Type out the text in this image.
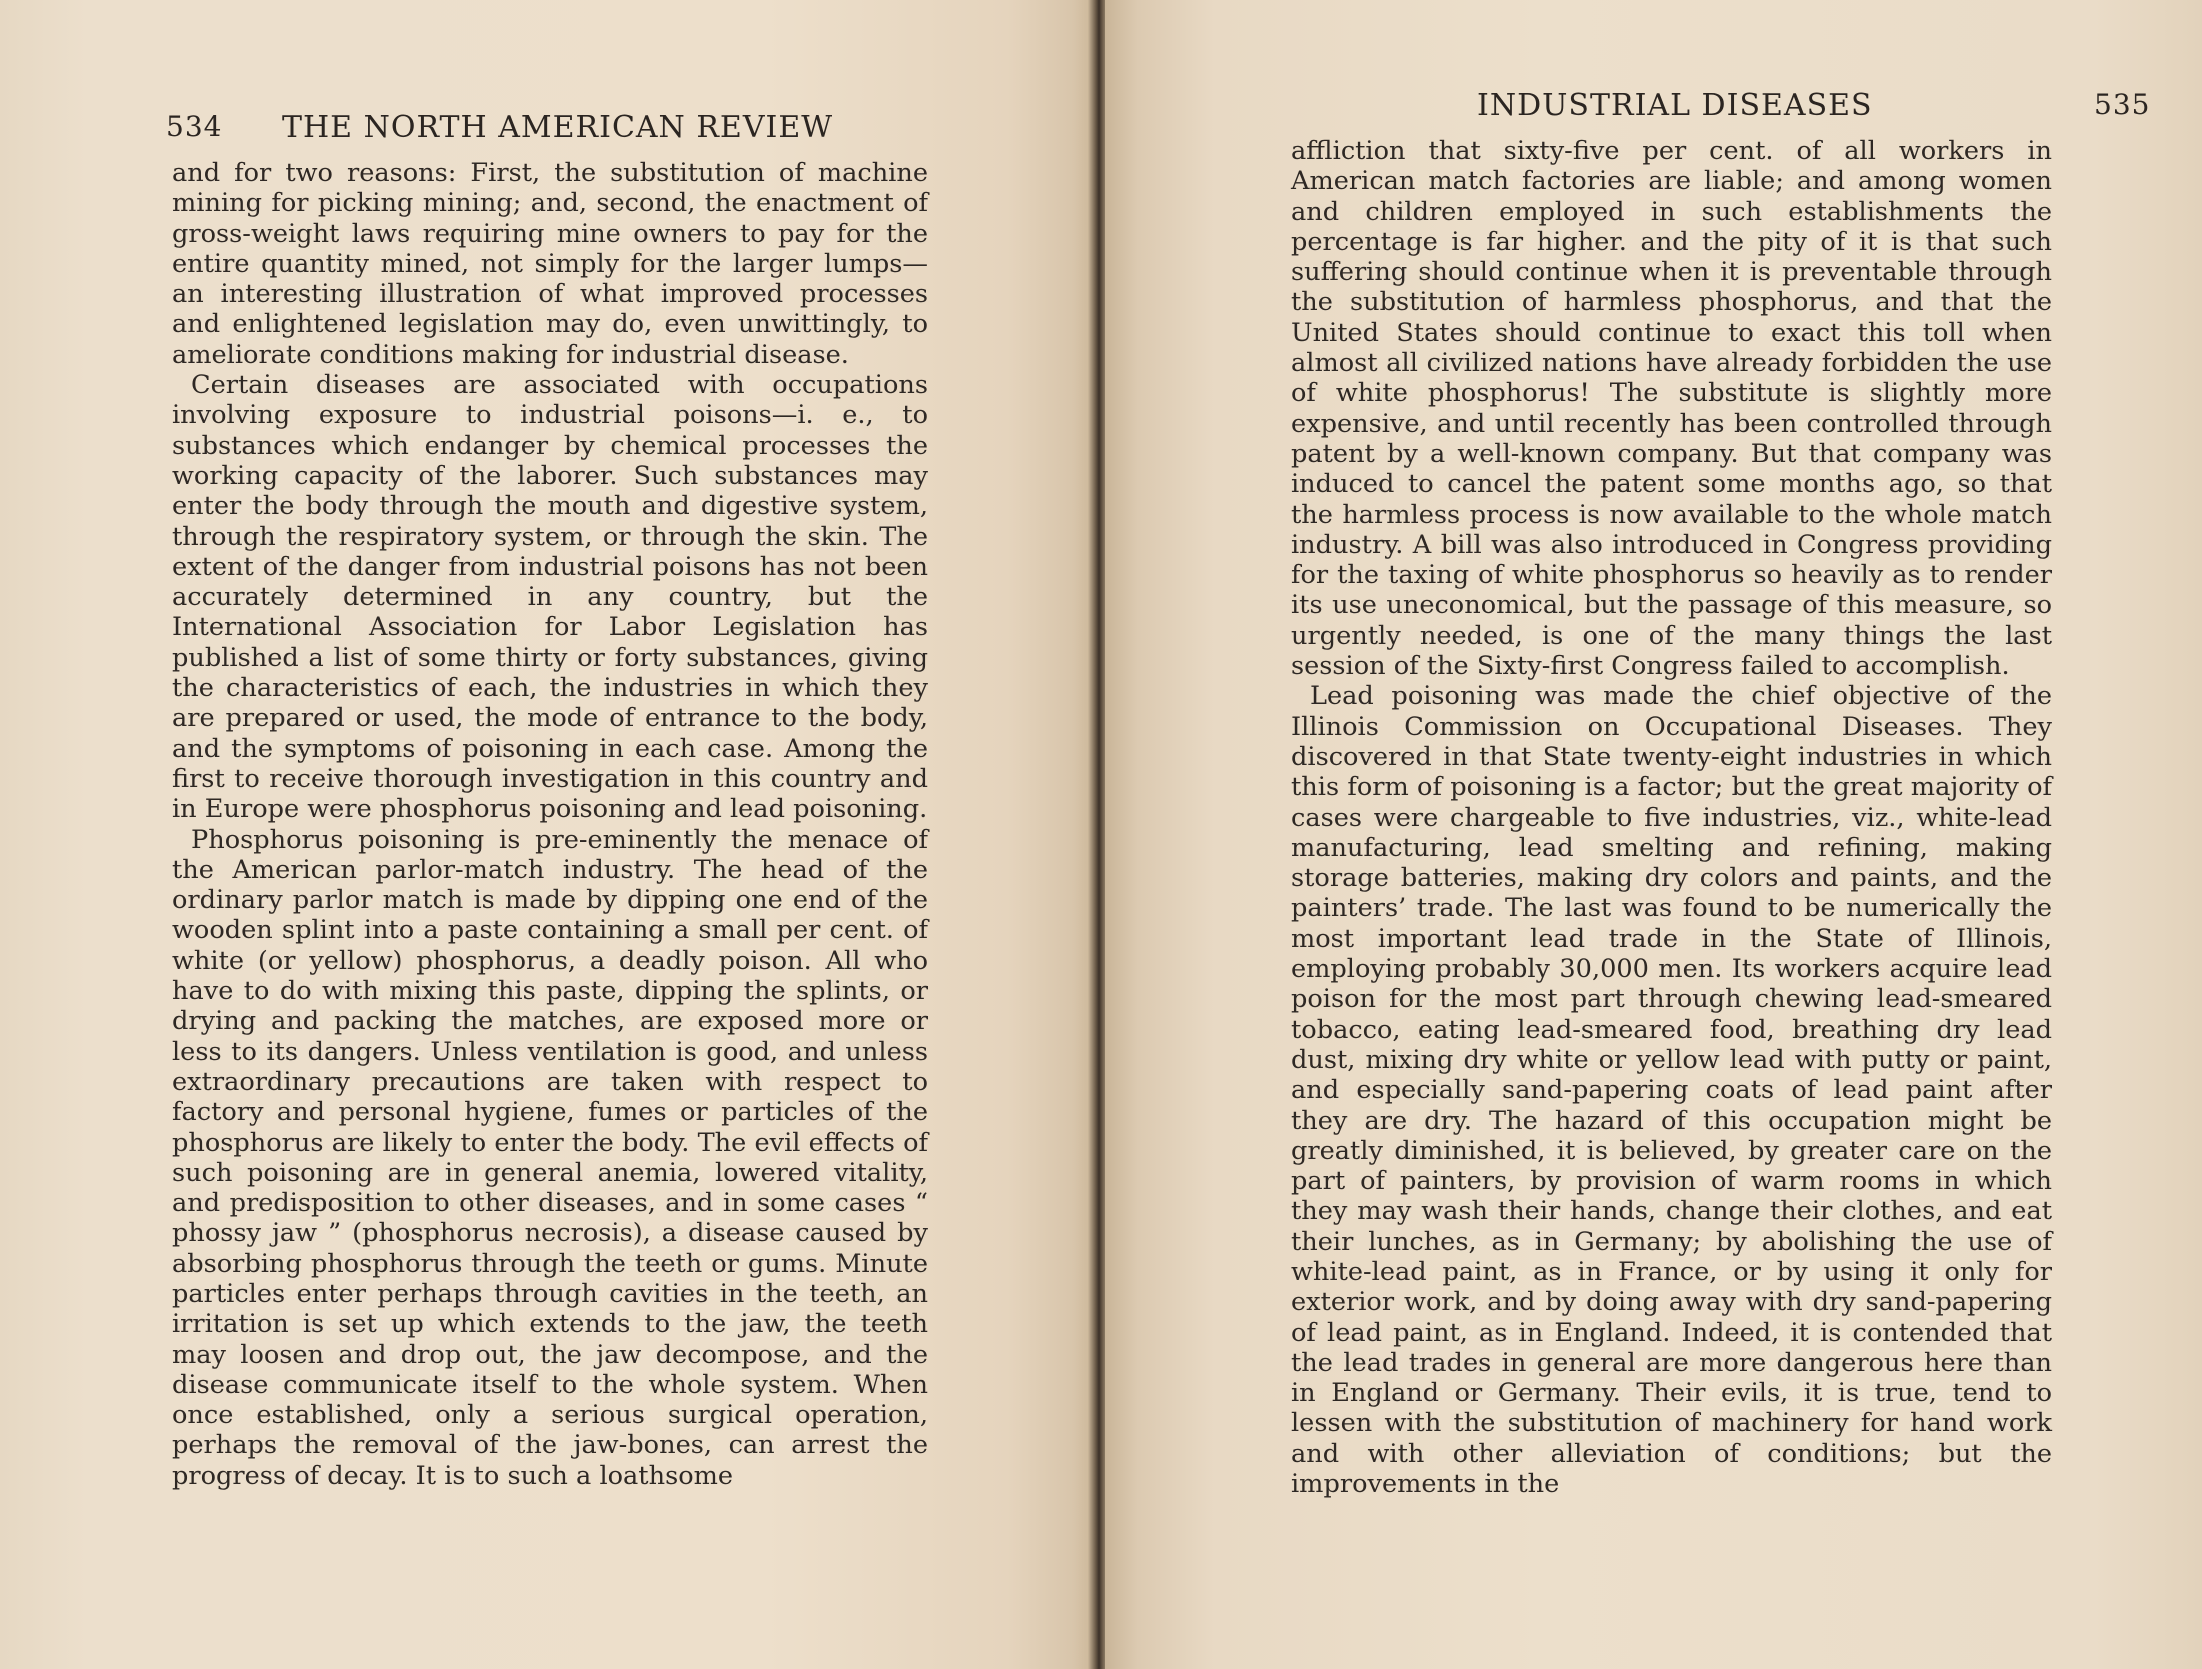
534 THE NORTH AMERICAN REVIEW

and for two reasons: First, the substitution of machine mining for picking mining; and, second, the enactment of gross-weight laws requiring mine owners to pay for the entire quantity mined, not simply for the larger lumps—an interesting illustration of what improved processes and enlightened legislation may do, even unwittingly, to ameliorate conditions making for industrial disease.

Certain diseases are associated with occupations involving exposure to industrial poisons—i. e., to substances which endanger by chemical processes the working capacity of the laborer. Such substances may enter the body through the mouth and digestive system, through the respiratory system, or through the skin. The extent of the danger from industrial poisons has not been accurately determined in any country, but the International Association for Labor Legislation has published a list of some thirty or forty substances, giving the characteristics of each, the industries in which they are prepared or used, the mode of entrance to the body, and the symptoms of poisoning in each case. Among the first to receive thorough investigation in this country and in Europe were phosphorus poisoning and lead poisoning.

Phosphorus poisoning is pre-eminently the menace of the American parlor-match industry. The head of the ordinary parlor match is made by dipping one end of the wooden splint into a paste containing a small per cent. of white (or yellow) phosphorus, a deadly poison. All who have to do with mixing this paste, dipping the splints, or drying and packing the matches, are exposed more or less to its dangers. Unless ventilation is good, and unless extraordinary precautions are taken with respect to factory and personal hygiene, fumes or particles of the phosphorus are likely to enter the body. The evil effects of such poisoning are in general anemia, lowered vitality, and predisposition to other diseases, and in some cases “ phossy jaw ” (phosphorus necrosis), a disease caused by absorbing phosphorus through the teeth or gums. Minute particles enter perhaps through cavities in the teeth, an irritation is set up which extends to the jaw, the teeth may loosen and drop out, the jaw decompose, and the disease communicate itself to the whole system. When once established, only a serious surgical operation, perhaps the removal of the jaw-bones, can arrest the progress of decay. It is to such a loathsome

INDUSTRIAL DISEASES	535

affliction that sixty-five per cent. of all workers in American match factories are liable; and among women and children employed in such establishments the percentage is far higher. and the pity of it is that such suffering should continue when it is preventable through the substitution of harmless phosphorus, and that the United States should continue to exact this toll when almost all civilized nations have already forbidden the use of white phosphorus! The substitute is slightly more expensive, and until recently has been controlled through patent by a well-known company. But that company was induced to cancel the patent some months ago, so that the harmless process is now available to the whole match industry. A bill was also introduced in Congress providing for the taxing of white phosphorus so heavily as to render its use uneconomical, but the passage of this measure, so urgently needed, is one of the many things the last session of the Sixty-first Congress failed to accomplish.

Lead poisoning was made the chief objective of the Illinois Commission on Occupational Diseases. They discovered in that State twenty-eight industries in which this form of poisoning is a factor; but the great majority of cases were chargeable to five industries, viz., white-lead manufacturing, lead smelting and refining, making storage batteries, making dry colors and paints, and the painters’ trade. The last was found to be numerically the most important lead trade in the State of Illinois, employing probably 30,000 men. Its workers acquire lead poison for the most part through chewing lead-smeared tobacco, eating lead-smeared food, breathing dry lead dust, mixing dry white or yellow lead with putty or paint, and especially sand-papering coats of lead paint after they are dry. The hazard of this occupation might be greatly diminished, it is believed, by greater care on the part of painters, by provision of warm rooms in which they may wash their hands, change their clothes, and eat their lunches, as in Germany; by abolishing the use of white-lead paint, as in France, or by using it only for exterior work, and by doing away with dry sand-papering of lead paint, as in England. Indeed, it is contended that the lead trades in general are more dangerous here than in England or Germany. Their evils, it is true, tend to lessen with the substitution of machinery for hand work and with other alleviation of conditions; but the improvements in the
